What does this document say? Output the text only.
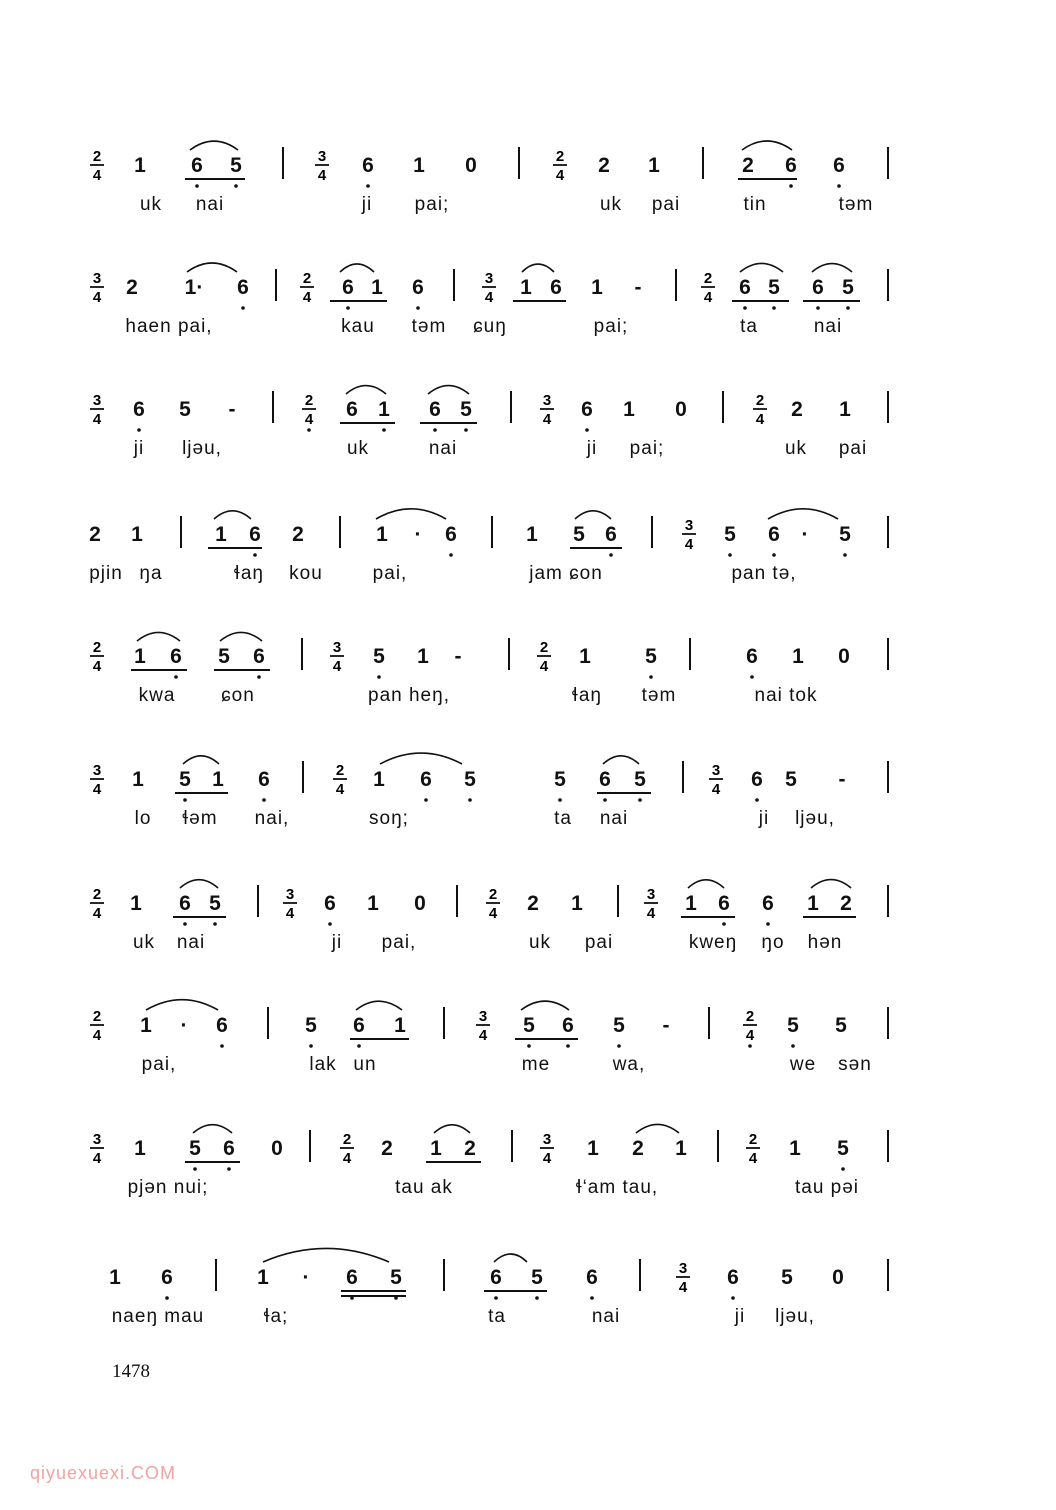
2
4
3
4
2
4
3
4
2
4
3
4
2
4
3
4
2
4
3
4
2
4
3
4
2
4
3
4
2
4
3
4
2
4
3
4
2
4
3
4
2
4
3
4
2
4
3
4
2
4
3
4
2
4
3
4
2
4
3
4
1 6 5	6 1 0	2 1	2 6 6
2 1· 6	6 1 6	1 6 1 -	6 5 6 5
6 5 -	6 1 6 5	6 1 0	2 1
2 1	1 6 2	1 · 6	1 5 6	5 6 · 5
1 6 5 6	5 1 -	1	5	6 1 0
1 5 1 6	1 6 5	5 6 5	6 5 -
1 6 5	6 1 0	2 1	1 6 6 1 2
1 · 6	5 6 1	5 6 5 -	5 5
1 5 6 0	2 1 2	1 2 1	1 5
1 6	1 · 6 5	6 5 6	6 5 0
uk nai	ji pai;	uk pai	tin	tәm
haen pai,	kau tәm ɕuŋ	pai;	ta	nai
ji ljәu,	uk	nai	ji pai;	uk pai
pjin ŋa	ɬaŋ kou	pai,	jam ɕon	pan tә,
kwa ɕon	pan heŋ,	ɬaŋ tәm	nai tok
lo ɬәm nai,	soŋ;	ta nai	ji ljәu,
uk nai	ji pai,	uk pai	kweŋ ŋo hәn
pai,	lak un	me	wa,	we sәn
pjәn nui;	tau ak	ɬ‘am tau,	tau pәi
naeŋ mau	ɬa;	ta	nai	ji ljәu,
1478
qiyuexuexi.COM
